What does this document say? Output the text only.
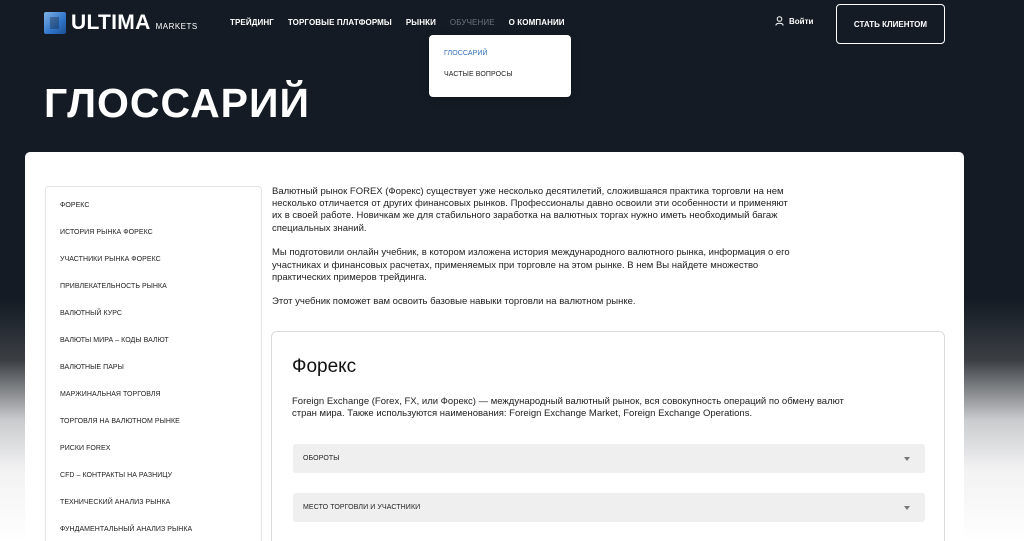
ULTIMA MARKETS	ТРЕЙДИНГ ТОРГОВЫЕ ПЛАТФОРМЫ РЫНКИ ОБУЧЕНИЕ О КОМПАНИИ	Войти	СТАТЬ КЛИЕНТОМ
ГЛОССАРИЙ
ЧАСТЫЕ ВОПРОСЫ
ГЛОССАРИЙ
ФОРЕКС
ИСТОРИЯ РЫНКА ФОРЕКС
УЧАСТНИКИ РЫНКА ФОРЕКС
ПРИВЛЕКАТЕЛЬНОСТЬ РЫНКА
ВАЛЮТНЫЙ КУРС
ВАЛЮТЫ МИРА – КОДЫ ВАЛЮТ
ВАЛЮТНЫЕ ПАРЫ
МАРЖИНАЛЬНАЯ ТОРГОВЛЯ
ТОРГОВЛЯ НА ВАЛЮТНОМ РЫНКЕ
РИСКИ FOREX
CFD – КОНТРАКТЫ НА РАЗНИЦУ
ТЕХНИЧЕСКИЙ АНАЛИЗ РЫНКА
ФУНДАМЕНТАЛЬНЫЙ АНАЛИЗ РЫНКА

Валютный рынок FOREX (Форекс) существует уже несколько десятилетий, сложившаяся практика торговли на нем несколько отличается от других финансовых рынков. Профессионалы давно освоили эти особенности и применяют их в своей работе. Новичкам же для стабильного заработка на валютных торгах нужно иметь необходимый багаж специальных знаний.

Мы подготовили онлайн учебник, в котором изложена история международного валютного рынка, информация о его участниках и финансовых расчетах, применяемых при торговле на этом рынке. В нем Вы найдете множество практических примеров трейдинга.

Этот учебник поможет вам освоить базовые навыки торговли на валютном рынке.

Форекс

Foreign Exchange (Forex, FX, или Форекс) — международный валютный рынок, вся совокупность операций по обмену валют стран мира. Также используются наименования: Foreign Exchange Market, Foreign Exchange Operations.

ОБОРОТЫ
МЕСТО ТОРГОВЛИ И УЧАСТНИКИ
